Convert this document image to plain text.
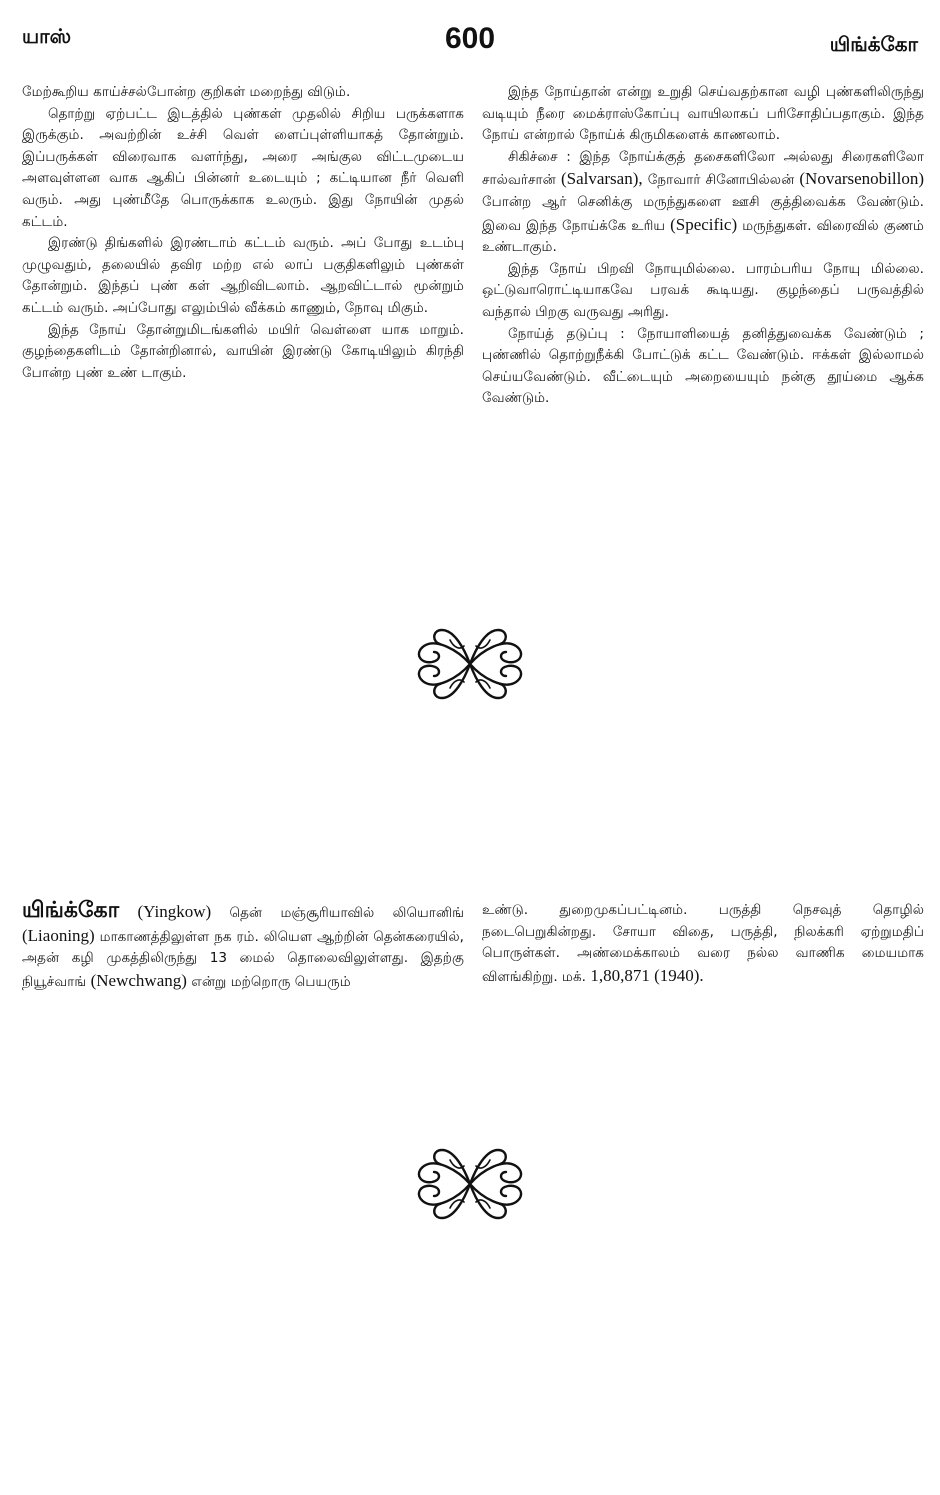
யாஸ்	600	யிங்க்கோ

மேற்கூறிய காய்ச்சல்போன்ற குறிகள் மறைந்து விடும்.

தொற்று ஏற்பட்ட இடத்தில் புண்கள் முதலில் சிறிய பருக்களாக இருக்கும். அவற்றின் உச்சி வெள் ளைப்புள்ளியாகத் தோன்றும். இப்பருக்கள் விரைவாக வளர்ந்து, அரை அங்குல விட்டமுடைய அளவுள்ளன வாக ஆகிப் பின்னர் உடையும் ; கட்டியான நீர் வெளி வரும். அது புண்மீதே பொருக்காக உலரும். இது நோயின் முதல் கட்டம்.

இரண்டு திங்களில் இரண்டாம் கட்டம் வரும். அப் போது உடம்பு முழுவதும், தலையில் தவிர மற்ற எல் லாப் பகுதிகளிலும் புண்கள் தோன்றும். இந்தப் புண் கள் ஆறிவிடலாம். ஆறவிட்டால் மூன்றும் கட்டம் வரும். அப்போது எலும்பில் வீக்கம் காணும், நோவு மிகும்.

இந்த நோய் தோன்றுமிடங்களில் மயிர் வெள்ளை யாக மாறும். குழந்தைகளிடம் தோன்றினால், வாயின் இரண்டு கோடியிலும் கிரந்தி போன்ற புண் உண் டாகும்.

இந்த நோய்தான் என்று உறுதி செய்வதற்கான வழி புண்களிலிருந்து வடியும் நீரை மைக்ராஸ்கோப்பு வாயிலாகப் பரிசோதிப்பதாகும். இந்த நோய் என்றால் நோய்க் கிருமிகளைக் காணலாம்.

சிகிச்சை : இந்த நோய்க்குத் தசைகளிலோ அல்லது சிரைகளிலோ சால்வர்சான் (Salvarsan), நோவார் சினோபில்லன் (Novarsenobillon) போன்ற ஆர் செனிக்கு மருந்துகளை ஊசி குத்திவைக்க வேண்டும். இவை இந்த நோய்க்கே உரிய (Specific) மருந்துகள். விரைவில் குணம் உண்டாகும்.

இந்த நோய் பிறவி நோயுமில்லை. பாரம்பரிய நோயு மில்லை. ஒட்டுவாரொட்டியாகவே பரவக் கூடியது. குழந்தைப் பருவத்தில் வந்தால் பிறகு வருவது அரிது.

நோய்த் தடுப்பு : நோயாளியைத் தனித்துவைக்க வேண்டும் ; புண்ணில் தொற்றுநீக்கி போட்டுக் கட்ட வேண்டும். ஈக்கள் இல்லாமல் செய்யவேண்டும். வீட்டையும் அறையையும் நன்கு தூய்மை ஆக்க வேண்டும்.

யிங்க்கோ (Yingkow) தென் மஞ்சூரியாவில் லியொனிங் (Liaoning) மாகாணத்திலுள்ள நக ரம். லியௌ ஆற்றின் தென்கரையில், அதன் கழி முகத்திலிருந்து 13 மைல் தொலைவிலுள்ளது. இதற்கு நியூச்வாங் (Newchwang) என்று மற்றொரு பெயரும்

உண்டு. துறைமுகப்பட்டினம். பருத்தி நெசவுத் தொழில் நடைபெறுகின்றது. சோயா விதை, பருத்தி, நிலக்கரி ஏற்றுமதிப் பொருள்கள். அண்மைக்காலம் வரை நல்ல வாணிக மையமாக விளங்கிற்று. மக். 1,80,871 (1940).
